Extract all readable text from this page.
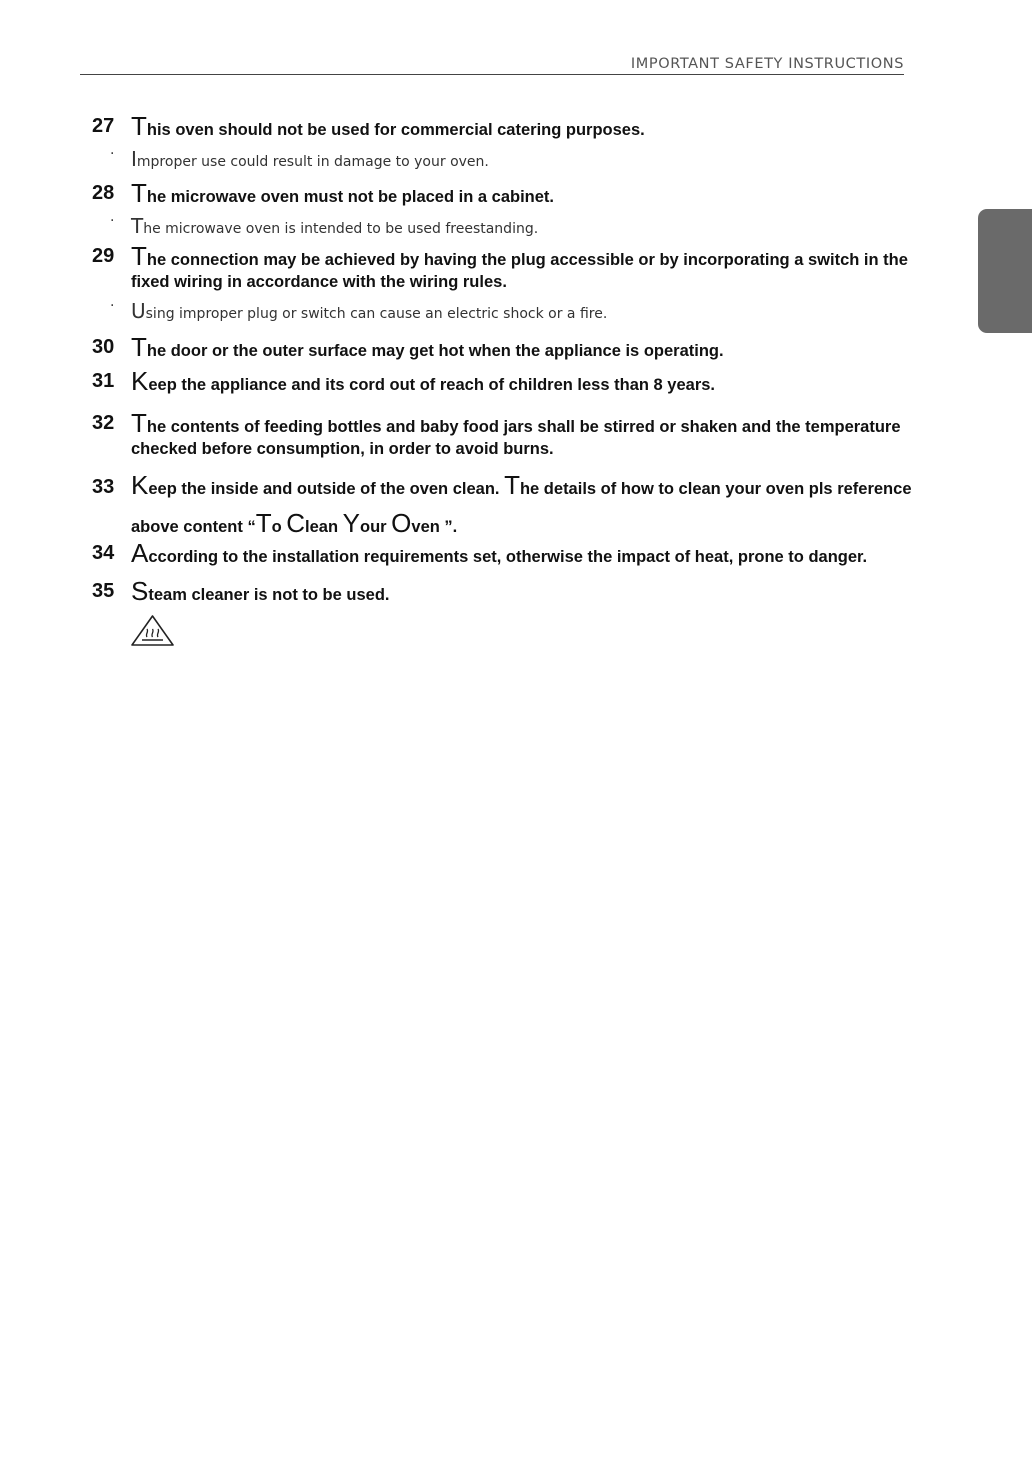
IMPORTANT SAFETY INSTRUCTIONS
27 This oven should not be used for commercial catering purposes.
· Improper use could result in damage to your oven.
28 The microwave oven must not be placed in a cabinet.
· The microwave oven is intended to be used freestanding.
29 The connection may be achieved by having the plug accessible or by incorporating a switch in the fixed wiring in accordance with the wiring rules.
· Using improper plug or switch can cause an electric shock or a fire.
30 The door or the outer surface may get hot when the appliance is operating.
31 Keep the appliance and its cord out of reach of children less than 8 years.
32 The contents of feeding bottles and baby food jars shall be stirred or shaken and the temperature checked before consumption, in order to avoid burns.
33 Keep the inside and outside of the oven clean. The details of how to clean your oven pls reference above content “To Clean Your Oven ”.
34 According to the installation requirements set, otherwise the impact of heat, prone to danger.
35 Steam cleaner is not to be used.
